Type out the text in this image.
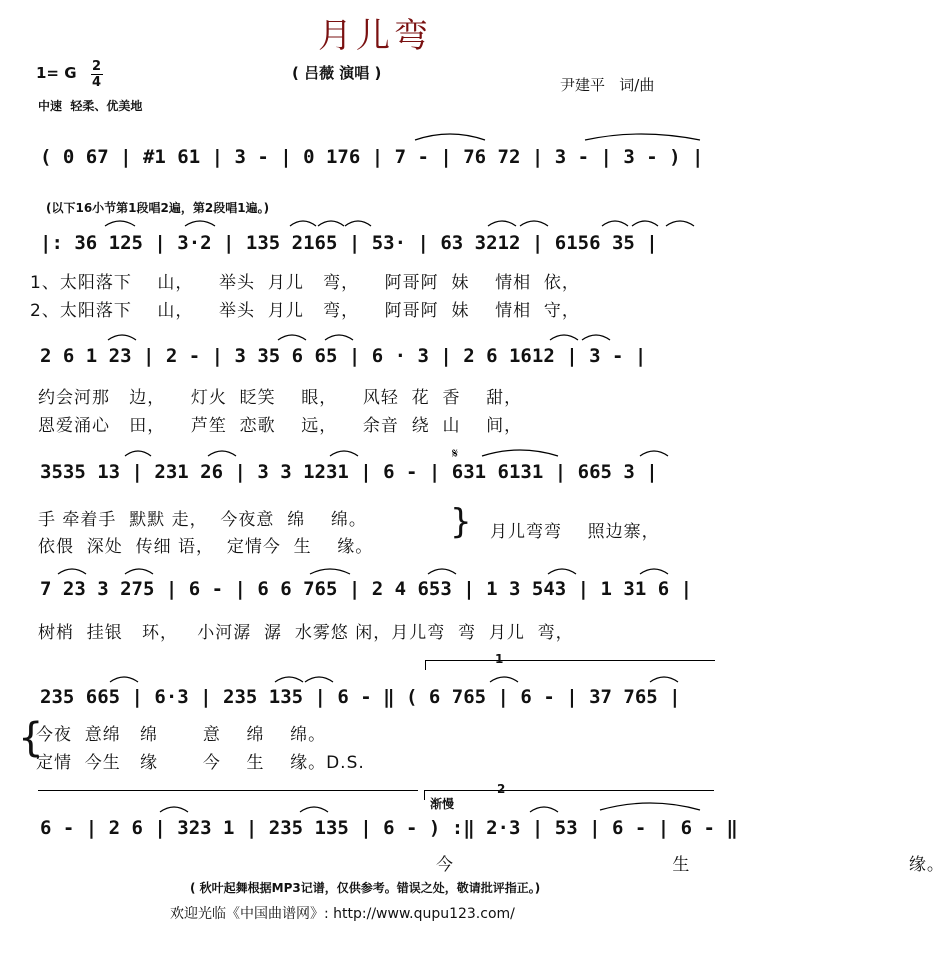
月儿弯
1= G 2
4
( 吕薇 演唱 )
尹建平   词/曲
中速  轻柔、优美地
( 0 67 | #1 61 | 3 - | 0 176 | 7 - | 76 72 | 3 - | 3 - ) |
(以下16小节第1段唱2遍，第2段唱1遍。)
|: 36 125 | 3·2 | 135 2165 | 53· | 63 3212 | 6156 35 |
1、太阳落下    山，    举头  月儿   弯，    阿哥阿  妹    情相  依，
2、太阳落下    山，    举头  月儿   弯，    阿哥阿  妹    情相  守，
2 6 1 23 | 2 - | 3 35 6 65 | 6 · 3 | 2 6 1612 | 3 - |
约会河那   边，    灯火  眨笑    眼，    风轻  花  香    甜，
恩爱涌心   田，    芦笙  恋歌    远，    余音  绕  山    间，
3535 13 | 231 26 | 3 3 1231 | 6 - | 631 6131 | 665 3 |
手 牵着手  默默 走，  今夜意  绵    绵。
依偎  深处  传细 语，  定情今  生    缘。
} 月儿弯弯    照边寨，
7 23 3 275 | 6 - | 6 6 765 | 2 4 653 | 1 3 543 | 1 31 6 |
树梢  挂银   环，   小河潺  潺  水雾悠 闲，月儿弯  弯  月儿  弯，
1
235 665 | 6·3 | 235 135 | 6 - ‖ ( 6 765 | 6 - | 37 765 |
{
今夜  意绵   绵       意    绵    绵。
定情  今生   缘       今    生    缘。D.S.
2
渐慢
6 - | 2 6 | 323 1 | 235 135 | 6 - ) :‖ 2·3 | 53 | 6 - | 6 - ‖
今      生      缘。
( 秋叶起舞根据MP3记谱，仅供参考。错误之处，敬请批评指正。)
欢迎光临《中国曲谱网》: http://www.qupu123.com/
𝄋
